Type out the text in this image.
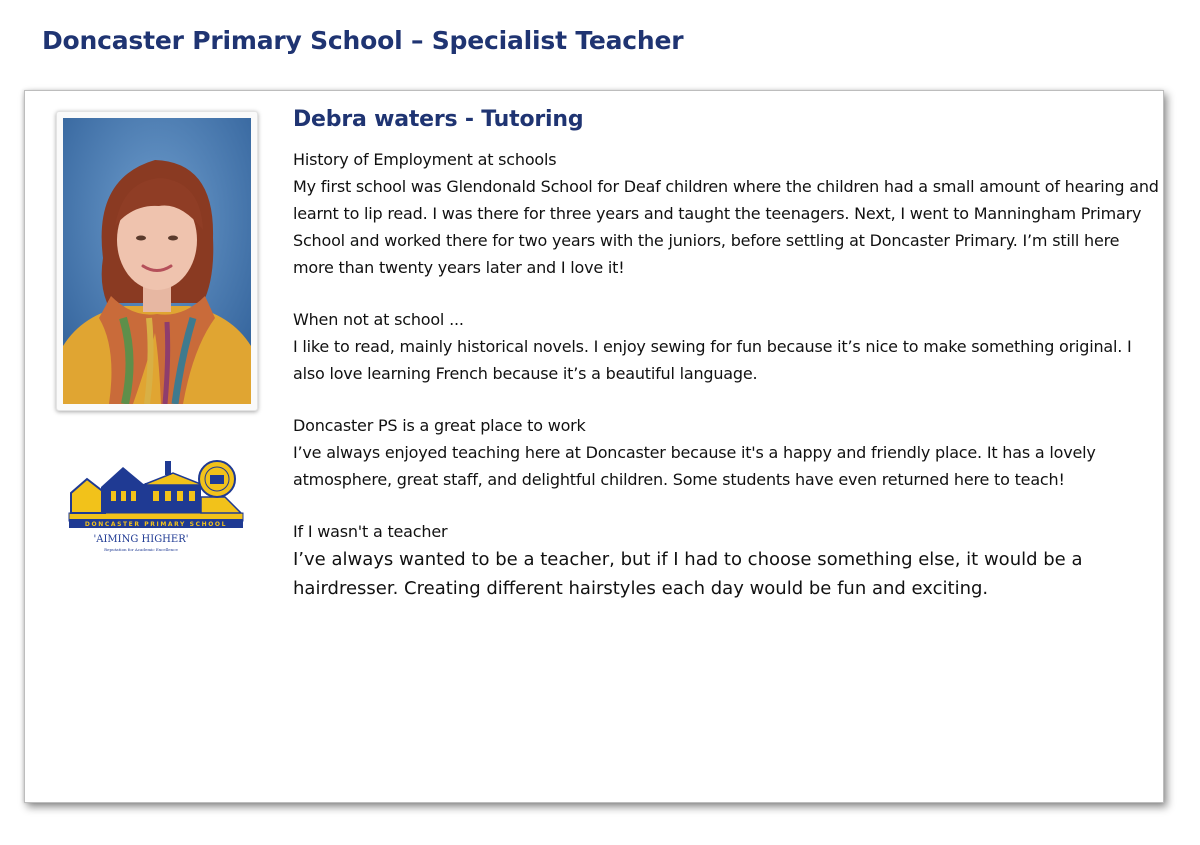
Doncaster Primary School – Specialist Teacher
DONCASTER PRIMARY SCHOOL
'AIMING HIGHER'
Reputation for Academic Excellence
Debra waters - Tutoring

History of Employment at schools

My first school was Glendonald School for Deaf children where the children had a small amount of hearing and learnt to lip read. I was there for three years and taught the teenagers. Next, I went to Manningham Primary School and worked there for two years with the juniors, before settling at Doncaster Primary. I’m still here more than twenty years later and I love it!

When not at school ...

I like to read, mainly historical novels. I enjoy sewing for fun because it’s nice to make something original. I also love learning French because it’s a beautiful language.

Doncaster PS is a great place to work

I’ve always enjoyed teaching here at Doncaster because it's a happy and friendly place. It has a lovely atmosphere, great staff, and delightful children. Some students have even returned here to teach!

If I wasn't a teacher

I’ve always wanted to be a teacher, but if I had to choose something else, it would be a hairdresser. Creating different hairstyles each day would be fun and exciting.
